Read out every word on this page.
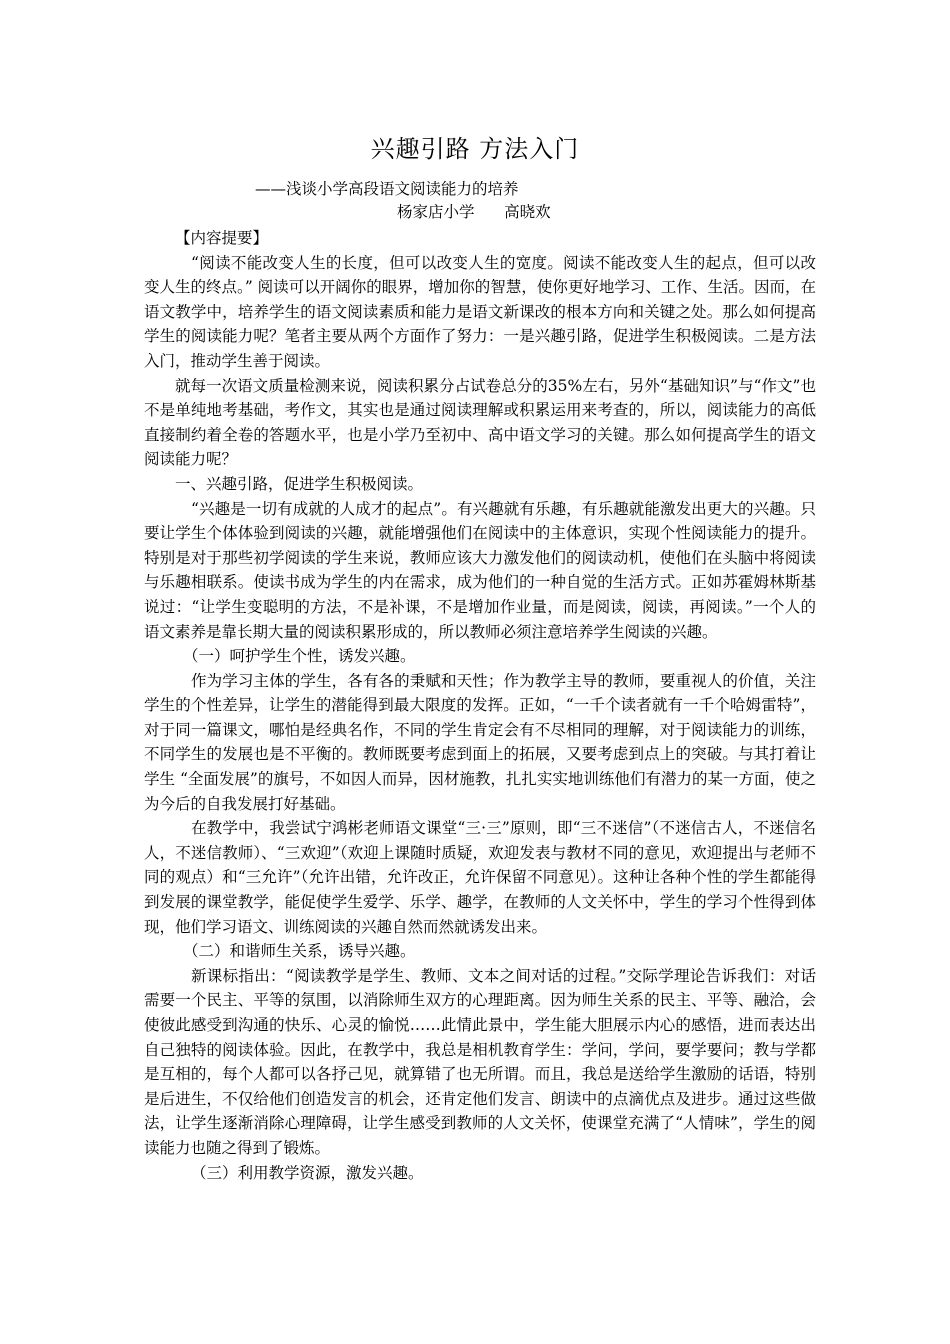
兴趣引路 方法入门
——浅谈小学高段语文阅读能力的培养
杨家店小学 高晓欢

【内容提要】

“阅读不能改变人生的长度，但可以改变人生的宽度。阅读不能改变人生的起点，但可以改变人生的终点。” 阅读可以开阔你的眼界，增加你的智慧，使你更好地学习、工作、生活。因而，在语文教学中，培养学生的语文阅读素质和能力是语文新课改的根本方向和关键之处。那么如何提高学生的阅读能力呢？笔者主要从两个方面作了努力：一是兴趣引路，促进学生积极阅读。二是方法入门，推动学生善于阅读。

就每一次语文质量检测来说，阅读积累分占试卷总分的35%左右，另外“基础知识”与“作文”也不是单纯地考基础，考作文，其实也是通过阅读理解或积累运用来考查的，所以，阅读能力的高低直接制约着全卷的答题水平，也是小学乃至初中、高中语文学习的关键。那么如何提高学生的语文阅读能力呢？

一、兴趣引路，促进学生积极阅读。

“兴趣是一切有成就的人成才的起点”。有兴趣就有乐趣，有乐趣就能激发出更大的兴趣。只要让学生个体体验到阅读的兴趣，就能增强他们在阅读中的主体意识，实现个性阅读能力的提升。特别是对于那些初学阅读的学生来说，教师应该大力激发他们的阅读动机，使他们在头脑中将阅读与乐趣相联系。使读书成为学生的内在需求，成为他们的一种自觉的生活方式。正如苏霍姆林斯基说过：“让学生变聪明的方法，不是补课，不是增加作业量，而是阅读，阅读，再阅读。”一个人的语文素养是靠长期大量的阅读积累形成的，所以教师必须注意培养学生阅读的兴趣。

（一）呵护学生个性，诱发兴趣。

作为学习主体的学生，各有各的秉赋和天性；作为教学主导的教师，要重视人的价值，关注学生的个性差异，让学生的潜能得到最大限度的发挥。正如，“一千个读者就有一千个哈姆雷特”，对于同一篇课文，哪怕是经典名作，不同的学生肯定会有不尽相同的理解，对于阅读能力的训练，不同学生的发展也是不平衡的。教师既要考虑到面上的拓展，又要考虑到点上的突破。与其打着让学生 “全面发展”的旗号，不如因人而异，因材施教，扎扎实实地训练他们有潜力的某一方面，使之为今后的自我发展打好基础。

在教学中，我尝试宁鸿彬老师语文课堂“三·三”原则，即“三不迷信”（不迷信古人，不迷信名人，不迷信教师）、“三欢迎”（欢迎上课随时质疑，欢迎发表与教材不同的意见，欢迎提出与老师不同的观点）和“三允许”（允许出错，允许改正，允许保留不同意见）。这种让各种个性的学生都能得到发展的课堂教学，能促使学生爱学、乐学、趣学，在教师的人文关怀中，学生的学习个性得到体现，他们学习语文、训练阅读的兴趣自然而然就诱发出来。

（二）和谐师生关系，诱导兴趣。

新课标指出：“阅读教学是学生、教师、文本之间对话的过程。”交际学理论告诉我们：对话需要一个民主、平等的氛围，以消除师生双方的心理距离。因为师生关系的民主、平等、融洽，会使彼此感受到沟通的快乐、心灵的愉悦……此情此景中，学生能大胆展示内心的感悟，进而表达出自己独特的阅读体验。因此，在教学中，我总是相机教育学生：学问，学问，要学要问；教与学都是互相的，每个人都可以各抒己见，就算错了也无所谓。而且，我总是送给学生激励的话语，特别是后进生，不仅给他们创造发言的机会，还肯定他们发言、朗读中的点滴优点及进步。通过这些做法，让学生逐渐消除心理障碍，让学生感受到教师的人文关怀，使课堂充满了“人情味”，学生的阅读能力也随之得到了锻炼。

（三）利用教学资源，激发兴趣。
